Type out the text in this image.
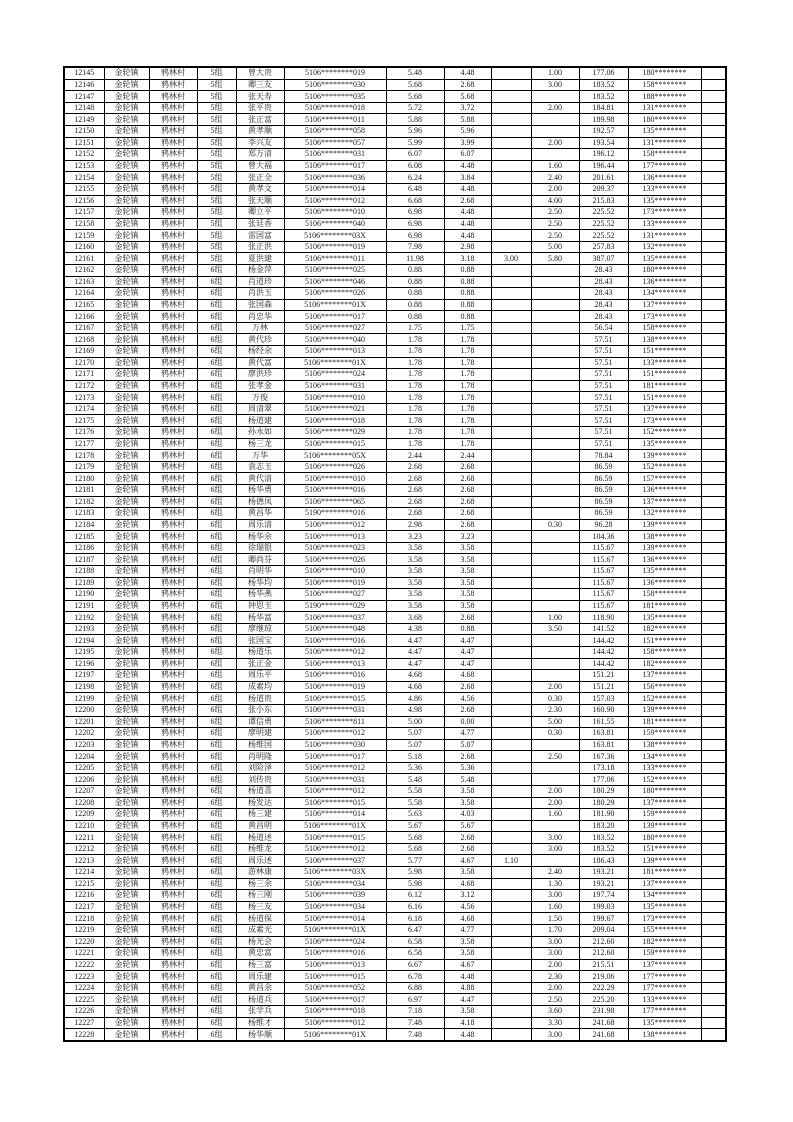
12145	金轮镇	鸦林村	5组	曾大贵	5106********019	5.48	4.48		1.00	177.06	180********	
12146	金轮镇	鸦林村	5组	卿三友	5106********030	5.68	2.68		3.00	183.52	158********	
12147	金轮镇	鸦林村	5组	张天寿	5106********035	5.68	5.68			183.52	188********	
12148	金轮镇	鸦林村	5组	张平贵	5106********018	5.72	3.72		2.00	184.81	131********	
12149	金轮镇	鸦林村	5组	张正富	5106********011	5.88	5.88			189.98	180********	
12150	金轮镇	鸦林村	5组	黄孝顺	5106********058	5.96	5.96			192.57	135********	
12151	金轮镇	鸦林村	5组	李兴友	5106********057	5.99	3.99		2.00	193.54	131********	
12152	金轮镇	鸦林村	5组	郑万清	5106********031	6.07	6.07			196.12	158********	
12153	金轮镇	鸦林村	5组	曾大福	5106********017	6.08	4.48		1.60	196.44	177********	
12154	金轮镇	鸦林村	5组	张正全	5106********036	6.24	3.84		2.40	201.61	136********	
12155	金轮镇	鸦林村	5组	黄孝文	5106********014	6.48	4.48		2.00	209.37	133********	
12156	金轮镇	鸦林村	5组	张天顺	5106********012	6.68	2.68		4.00	215.83	135********	
12157	金轮镇	鸦林村	5组	卿立平	5106********010	6.98	4.48		2.50	225.52	173********	
12158	金轮镇	鸦林村	5组	张廷香	5106********040	6.98	4.48		2.50	225.52	133********	
12159	金轮镇	鸦林村	5组	雷国富	5106********03X	6.98	4.48		2.50	225.52	131********	
12160	金轮镇	鸦林村	5组	张正洪	5106********019	7.98	2.98		5.00	257.83	132********	
12161	金轮镇	鸦林村	5组	夏洪建	5106********011	11.98	3.18	3.00	5.80	387.07	135********	
12162	金轮镇	鸦林村	6组	杨金萍	5106********025	0.88	0.88			28.43	180********	
12163	金轮镇	鸦林村	6组	肖道珍	5106********046	0.88	0.88			28.43	136********	
12164	金轮镇	鸦林村	6组	肖洪玉	5106********026	0.88	0.88			28.43	134********	
12165	金轮镇	鸦林村	6组	张国森	5106********01X	0.88	0.88			28.43	137********	
12166	金轮镇	鸦林村	6组	肖忠华	5106********017	0.88	0.88			28.43	173********	
12167	金轮镇	鸦林村	6组	万林	5106********027	1.75	1.75			56.54	158********	
12168	金轮镇	鸦林村	6组	黄代珍	5106********040	1.78	1.78			57.51	138********	
12169	金轮镇	鸦林村	6组	杨经余	5106********013	1.78	1.78			57.51	151********	
12170	金轮镇	鸦林村	6组	黄代富	5106********01X	1.78	1.78			57.51	133********	
12171	金轮镇	鸦林村	6组	廖洪珍	5106********024	1.78	1.78			57.51	151********	
12172	金轮镇	鸦林村	6组	张孝金	5106********031	1.78	1.78			57.51	181********	
12173	金轮镇	鸦林村	6组	万俊	5106********010	1.78	1.78			57.51	151********	
12174	金轮镇	鸦林村	6组	周清翠	5106********021	1.78	1.78			57.51	137********	
12175	金轮镇	鸦林村	6组	杨道建	5106********018	1.78	1.78			57.51	173********	
12176	金轮镇	鸦林村	6组	孙永如	5106********029	1.78	1.78			57.51	152********	
12177	金轮镇	鸦林村	6组	杨三龙	5106********015	1.78	1.78			57.51	135********	
12178	金轮镇	鸦林村	6组	万华	5106********05X	2.44	2.44			78.84	139********	
12179	金轮镇	鸦林村	6组	袁志玉	5106********026	2.68	2.68			86.59	152********	
12180	金轮镇	鸦林村	6组	黄代清	5106********010	2.68	2.68			86.59	157********	
12181	金轮镇	鸦林村	6组	杨华勇	5106********016	2.68	2.68			86.59	136********	
12182	金轮镇	鸦林村	6组	杨德凤	5106********065	2.68	2.68			86.59	137********	
12183	金轮镇	鸦林村	6组	黄昌华	5190********016	2.68	2.68			86.59	132********	
12184	金轮镇	鸦林村	6组	周乐清	5106********012	2.98	2.68		0.30	96.28	139********	
12185	金轮镇	鸦林村	6组	杨华余	5106********013	3.23	3.23			104.36	138********	
12186	金轮镇	鸦林村	6组	徐瑞银	5106********023	3.58	3.58			115.67	139********	
12187	金轮镇	鸦林村	6组	卿尚芬	5106********026	3.58	3.58			115.67	136********	
12188	金轮镇	鸦林村	6组	肖明华	5106********010	3.58	3.58			115.67	135********	
12189	金轮镇	鸦林村	6组	杨华均	5106********019	3.58	3.58			115.67	136********	
12190	金轮镇	鸦林村	6组	杨华燕	5106********027	3.58	3.58			115.67	158********	
12191	金轮镇	鸦林村	6组	钟思玉	5190********029	3.58	3.58			115.67	181********	
12192	金轮镇	鸦林村	6组	杨华富	5106********037	3.68	2.68		1.00	118.90	135********	
12193	金轮镇	鸦林村	6组	廖继琼	5106********048	4.38	0.88		3.50	141.52	182********	
12194	金轮镇	鸦林村	6组	张国宝	5106********016	4.47	4.47			144.42	151********	
12195	金轮镇	鸦林村	6组	杨道乐	5106********012	4.47	4.47			144.42	158********	
12196	金轮镇	鸦林村	6组	张正金	5106********013	4.47	4.47			144.42	182********	
12197	金轮镇	鸦林村	6组	周乐平	5106********016	4.68	4.68			151.21	137********	
12198	金轮镇	鸦林村	6组	成素均	5106********019	4.68	2.68		2.00	151.21	156********	
12199	金轮镇	鸦林村	6组	杨道贵	5106********015	4.86	4.56		0.30	157.03	152********	
12200	金轮镇	鸦林村	6组	张小东	5106********031	4.98	2.68		2.30	160.90	139********	
12201	金轮镇	鸦林村	6组	谭信勇	5106********811	5.00	0.00		5.00	161.55	181********	
12202	金轮镇	鸦林村	6组	廖明建	5106********012	5.07	4.77		0.30	163.81	159********	
12203	金轮镇	鸦林村	6组	杨维国	5106********030	5.07	5.07			163.81	138********	
12204	金轮镇	鸦林村	6组	肖明隆	5106********017	5.18	2.68		2.50	167.36	134********	
12205	金轮镇	鸦林村	6组	刘险泽	5106********012	5.36	5.36			173.18	133********	
12206	金轮镇	鸦林村	6组	刘传贵	5106********031	5.48	5.48			177.06	152********	
12207	金轮镇	鸦林村	6组	杨道喜	5106********012	5.58	3.58		2.00	180.29	180********	
12208	金轮镇	鸦林村	6组	杨发达	5106********015	5.58	3.58		2.00	180.29	137********	
12209	金轮镇	鸦林村	6组	杨三建	5106********014	5.63	4.03		1.60	181.90	159********	
12210	金轮镇	鸦林村	6组	黄昌明	5106********01X	5.67	5.67			183.20	139********	
12211	金轮镇	鸦林村	6组	杨道述	5106********015	5.68	2.68		3.00	183.52	180********	
12212	金轮镇	鸦林村	6组	杨维龙	5106********012	5.68	2.68		3.00	183.52	151********	
12213	金轮镇	鸦林村	6组	周乐述	5106********037	5.77	4.67	1.10		186.43	139********	
12214	金轮镇	鸦林村	6组	游林康	5106********03X	5.98	3.58		2.40	193.21	181********	
12215	金轮镇	鸦林村	6组	杨三余	5106********034	5.98	4.68		1.30	193.21	137********	
12216	金轮镇	鸦林村	6组	杨三刚	5106********039	6.12	3.12		3.00	197.74	134********	
12217	金轮镇	鸦林村	6组	杨三友	5106********034	6.16	4.56		1.60	199.03	135********	
12218	金轮镇	鸦林村	6组	杨道保	5106********014	6.18	4.68		1.50	199.67	173********	
12219	金轮镇	鸦林村	6组	成素光	5106********01X	6.47	4.77		1.70	209.04	155********	
12220	金轮镇	鸦林村	6组	杨光会	5106********024	6.58	3.58		3.00	212.60	182********	
12221	金轮镇	鸦林村	6组	黄忠富	5106********016	6.58	3.58		3.00	212.60	159********	
12222	金轮镇	鸦林村	6组	杨三富	5106********013	6.67	4.67		2.00	215.51	137********	
12223	金轮镇	鸦林村	6组	周乐建	5106********015	6.78	4.48		2.30	219.06	177********	
12224	金轮镇	鸦林村	6组	黄昌余	5106********052	6.88	4.88		2.00	222.29	177********	
12225	金轮镇	鸦林村	6组	杨道兵	5106********017	6.97	4.47		2.50	225.20	133********	
12226	金轮镇	鸦林村	6组	张学兵	5106********018	7.18	3.58		3.60	231.98	177********	
12227	金轮镇	鸦林村	6组	杨维才	5106********012	7.48	4.18		3.30	241.68	135********	
12228	金轮镇	鸦林村	6组	杨华顺	5106********01X	7.48	4.48		3.00	241.68	138********	
